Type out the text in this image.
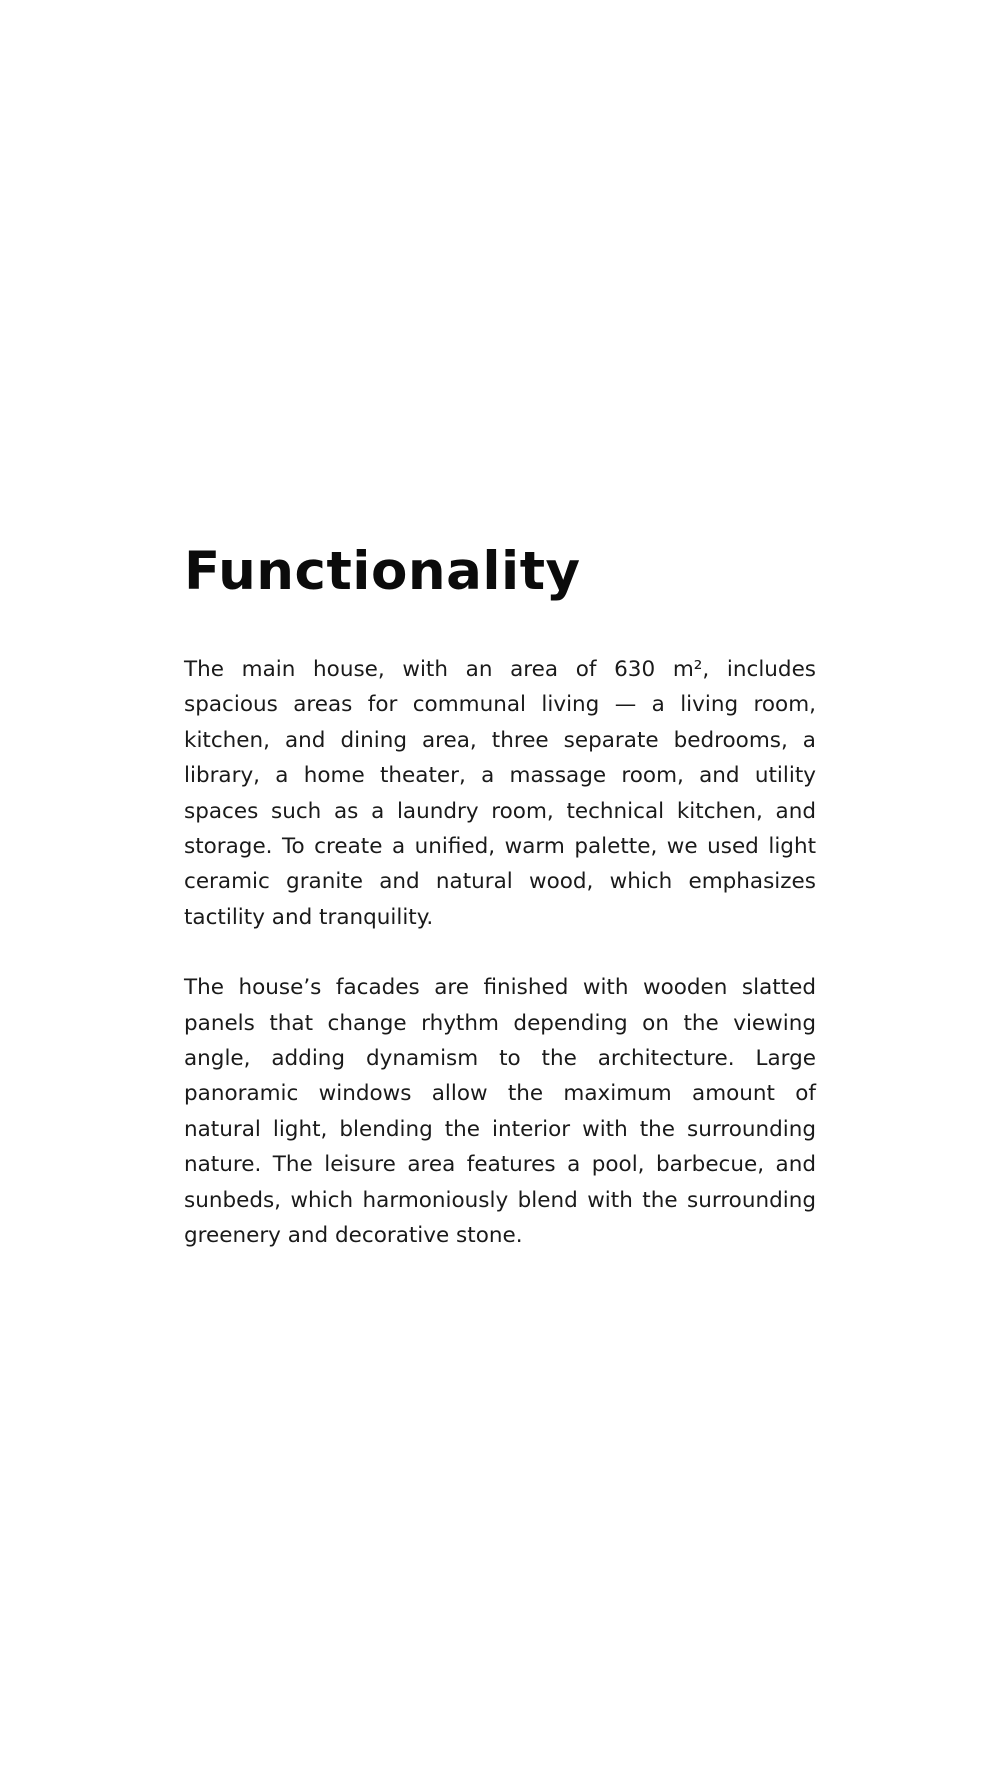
Functionality

The main house, with an area of 630 m², includes spacious areas for communal living — a living room, kitchen, and dining area, three separate bedrooms, a library, a home theater, a massage room, and utility spaces such as a laundry room, technical kitchen, and storage. To create a unified, warm palette, we used light ceramic granite and natural wood, which emphasizes tactility and tranquility.

The house’s facades are finished with wooden slatted panels that change rhythm depending on the viewing angle, adding dynamism to the architecture. Large panoramic windows allow the maximum amount of natural light, blending the interior with the surrounding nature. The leisure area features a pool, barbecue, and sunbeds, which harmoniously blend with the surrounding greenery and decorative stone.
